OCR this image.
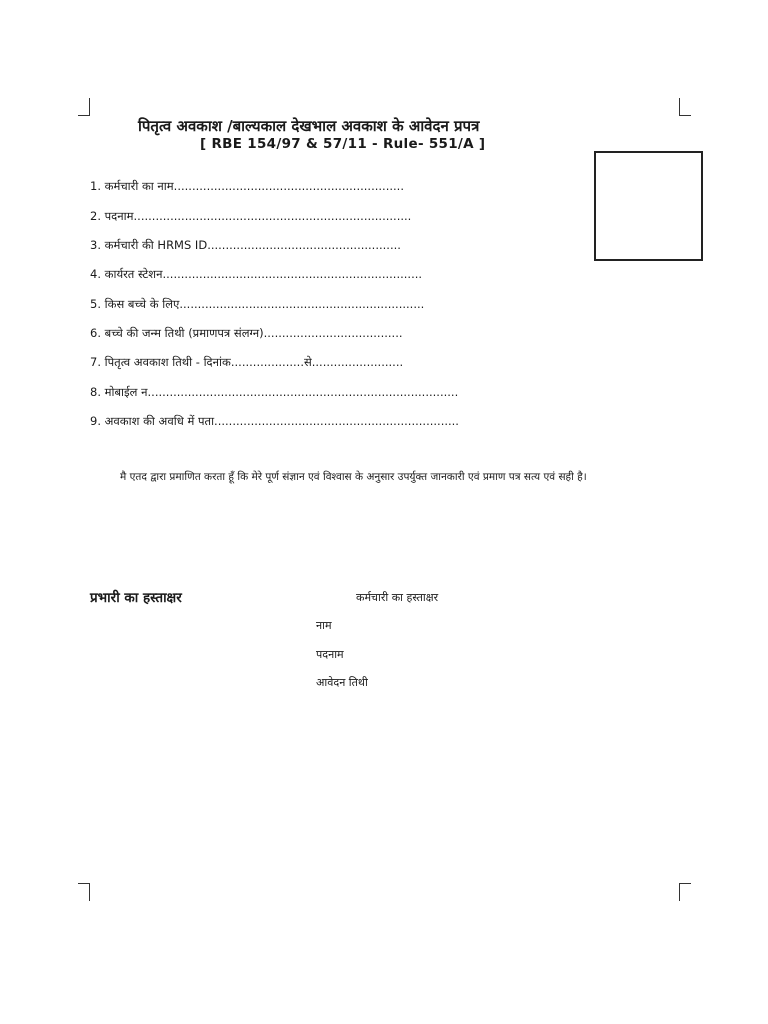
पितृत्व अवकाश /बाल्यकाल देखभाल अवकाश के आवेदन प्रपत्र
[ RBE 154/97 & 57/11 - Rule- 551/A ]
1. कर्मचारी का नाम...............................................................
2. पदनाम............................................................................
3. कर्मचारी की HRMS ID.....................................................
4. कार्यरत स्टेशन.......................................................................
5. किस बच्चे के लिए...................................................................
6. बच्चे की जन्म तिथी (प्रमाणपत्र संलग्न)......................................
7. पितृत्व अवकाश तिथी - दिनांक....................से.........................
8. मोबाईल न.....................................................................................
9. अवकाश की अवधि में पता...................................................................
मै एतद द्वारा प्रमाणित करता हूँ कि मेरे पूर्ण संज्ञान एवं विश्वास के अनुसार उपर्युक्त जानकारी एवं प्रमाण पत्र सत्य एवं सही है।
प्रभारी का हस्ताक्षर	कर्मचारी का हस्ताक्षर
नाम
पदनाम
आवेदन तिथी
